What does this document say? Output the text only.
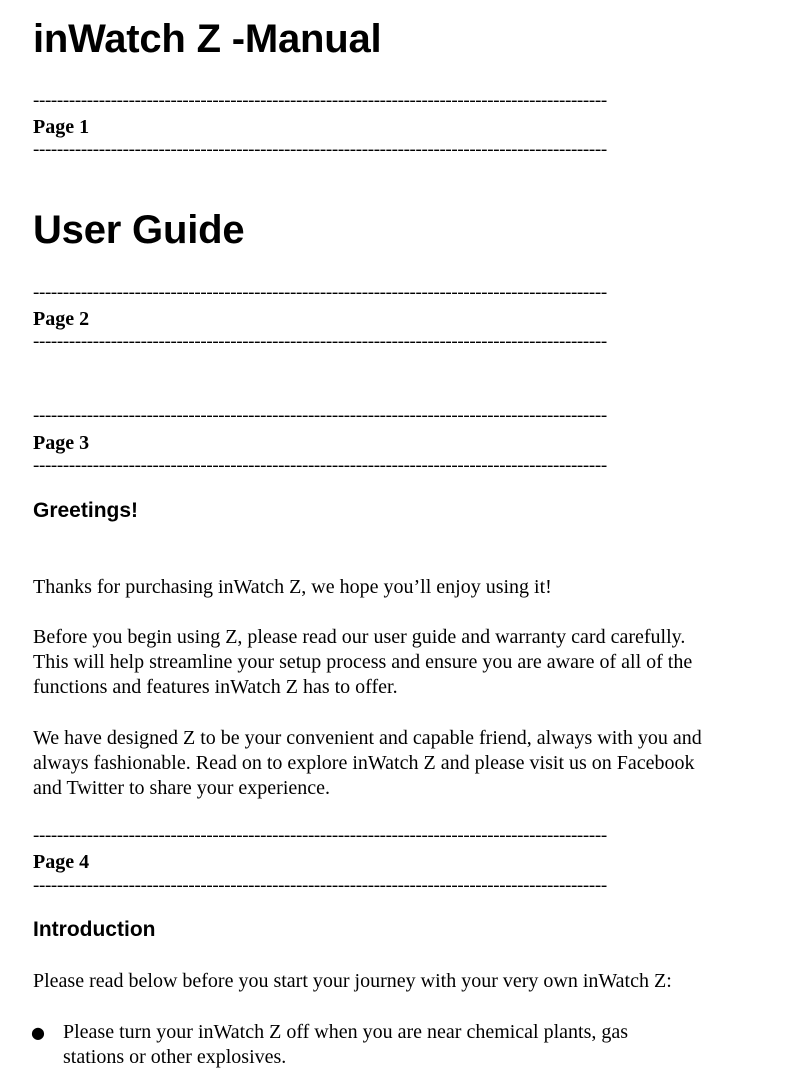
inWatch Z -Manual
------------------------------------------------------------------------------------------------
Page 1
------------------------------------------------------------------------------------------------
User Guide
------------------------------------------------------------------------------------------------
Page 2
------------------------------------------------------------------------------------------------
------------------------------------------------------------------------------------------------
Page 3
------------------------------------------------------------------------------------------------
Greetings!
Thanks for purchasing inWatch Z, we hope you’ll enjoy using it!
Before you begin using Z, please read our user guide and warranty card carefully.
This will help streamline your setup process and ensure you are aware of all of the
functions and features inWatch Z has to offer.
We have designed Z to be your convenient and capable friend, always with you and
always fashionable. Read on to explore inWatch Z and please visit us on Facebook
and Twitter to share your experience.
------------------------------------------------------------------------------------------------
Page 4
------------------------------------------------------------------------------------------------
Introduction
Please read below before you start your journey with your very own inWatch Z:
● Please turn your inWatch Z off when you are near chemical plants, gas
stations or other explosives.
